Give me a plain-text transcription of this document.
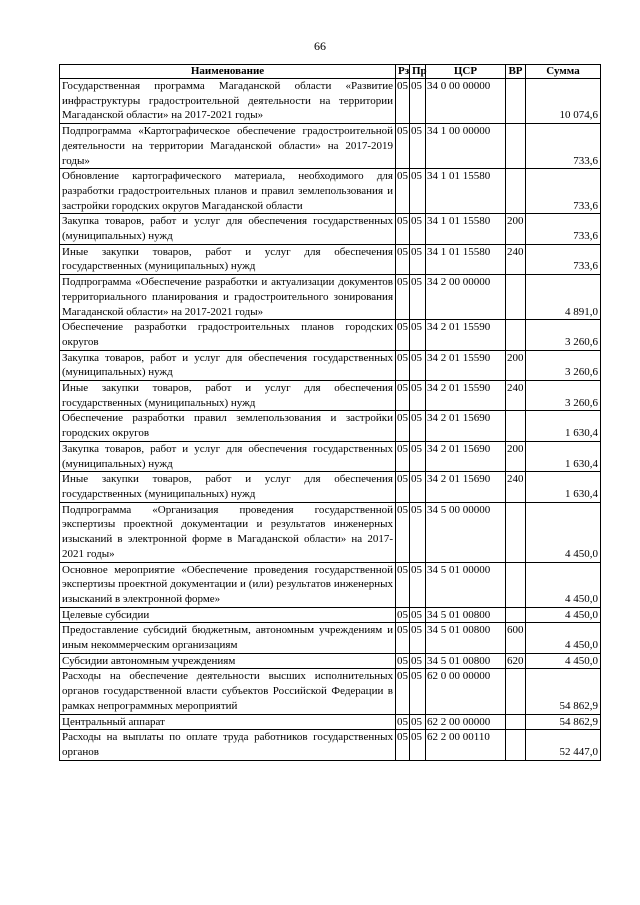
66
Наименование	Рз	Пр	ЦСР	ВР	Сумма
Государственная программа Магаданской области «Развитие инфраструктуры градостроительной деятельности на территории Магаданской области» на 2017-2021 годы»	05	05	34 0 00 00000		10 074,6
Подпрограмма «Картографическое обеспечение градостроительной деятельности на территории Магаданской области» на 2017-2019 годы»	05	05	34 1 00 00000		733,6
Обновление картографического материала, необходимого для разработки градостроительных планов и правил землепользования и застройки городских округов Магаданской области	05	05	34 1 01 15580		733,6
Закупка товаров, работ и услуг для обеспечения государственных (муниципальных) нужд	05	05	34 1 01 15580	200	733,6
Иные закупки товаров, работ и услуг для обеспечения государственных (муниципальных) нужд	05	05	34 1 01 15580	240	733,6
Подпрограмма «Обеспечение разработки и актуализации документов территориального планирования и градостроительного зонирования Магаданской области» на 2017-2021 годы»	05	05	34 2 00 00000		4 891,0
Обеспечение разработки градостроительных планов городских округов	05	05	34 2 01 15590		3 260,6
Закупка товаров, работ и услуг для обеспечения государственных (муниципальных) нужд	05	05	34 2 01 15590	200	3 260,6
Иные закупки товаров, работ и услуг для обеспечения государственных (муниципальных) нужд	05	05	34 2 01 15590	240	3 260,6
Обеспечение разработки правил землепользования и застройки городских округов	05	05	34 2 01 15690		1 630,4
Закупка товаров, работ и услуг для обеспечения государственных (муниципальных) нужд	05	05	34 2 01 15690	200	1 630,4
Иные закупки товаров, работ и услуг для обеспечения государственных (муниципальных) нужд	05	05	34 2 01 15690	240	1 630,4
Подпрограмма «Организация проведения государственной экспертизы проектной документации и результатов инженерных изысканий в электронной форме в Магаданской области» на 2017-2021 годы»	05	05	34 5 00 00000		4 450,0
Основное мероприятие «Обеспечение проведения государственной экспертизы проектной документации и (или) результатов инженерных изысканий в электронной форме»	05	05	34 5 01 00000		4 450,0
Целевые субсидии	05	05	34 5 01 00800		4 450,0
Предоставление субсидий бюджетным, автономным учреждениям и иным некоммерческим организациям	05	05	34 5 01 00800	600	4 450,0
Субсидии автономным учреждениям	05	05	34 5 01 00800	620	4 450,0
Расходы на обеспечение деятельности высших исполнительных органов государственной власти субъектов Российской Федерации в рамках непрограммных мероприятий	05	05	62 0 00 00000		54 862,9
Центральный аппарат	05	05	62 2 00 00000		54 862,9
Расходы на выплаты по оплате труда работников государственных органов	05	05	62 2 00 00110		52 447,0
